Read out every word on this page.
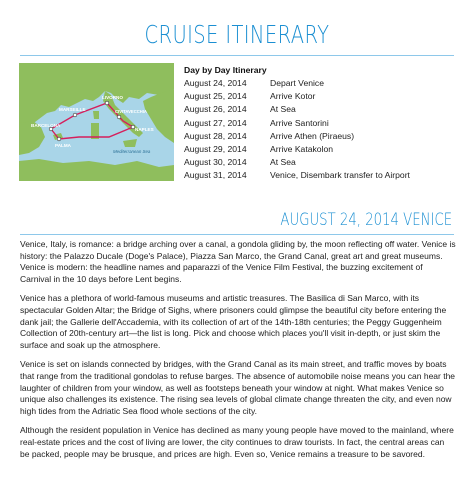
CRUISE ITINERARY
LIVORNO
MARSEILLE	CIVITAVECCHIA
NAPLES
BARCELONA
PALMA
Mediterranean Sea
Day by Day Itinerary
August 24, 2014	Depart Venice
August 25, 2014	Arrive Kotor
August 26, 2014	At Sea
August 27, 2014	Arrive Santorini
August 28, 2014	Arrive Athen (Piraeus)
August 29, 2014	Arrive Katakolon
August 30, 2014	At Sea
August 31, 2014	Venice, Disembark transfer to Airport
AUGUST 24, 2014 VENICE

Venice, Italy, is romance: a bridge arching over a canal, a gondola gliding by, the moon reflecting off water. Venice is history: the Palazzo Ducale (Doge's Palace), Piazza San Marco, the Grand Canal, great art and great museums. Venice is modern: the headline names and paparazzi of the Venice Film Festival, the buzzing excitement of Carnival in the 10 days before Lent begins.

Venice has a plethora of world-famous museums and artistic treasures. The Basilica di San Marco, with its spectacular Golden Altar; the Bridge of Sighs, where prisoners could glimpse the beautiful city before entering the dank jail; the Gallerie dell'Accademia, with its collection of art of the 14th-18th centuries; the Peggy Guggenheim Collection of 20th-century art—the list is long. Pick and choose which places you'll visit in-depth, or just skim the surface and soak up the atmosphere.

Venice is set on islands connected by bridges, with the Grand Canal as its main street, and traffic moves by boats that range from the traditional gondolas to refuse barges. The absence of automobile noise means you can hear the laughter of children from your window, as well as footsteps beneath your window at night. What makes Venice so unique also challenges its existence. The rising sea levels of global climate change threaten the city, and even now high tides from the Adriatic Sea flood whole sections of the city.

Although the resident population in Venice has declined as many young people have moved to the mainland, where real-estate prices and the cost of living are lower, the city continues to draw tourists. In fact, the central areas can be packed, people may be brusque, and prices are high. Even so, Venice remains a treasure to be savored.
